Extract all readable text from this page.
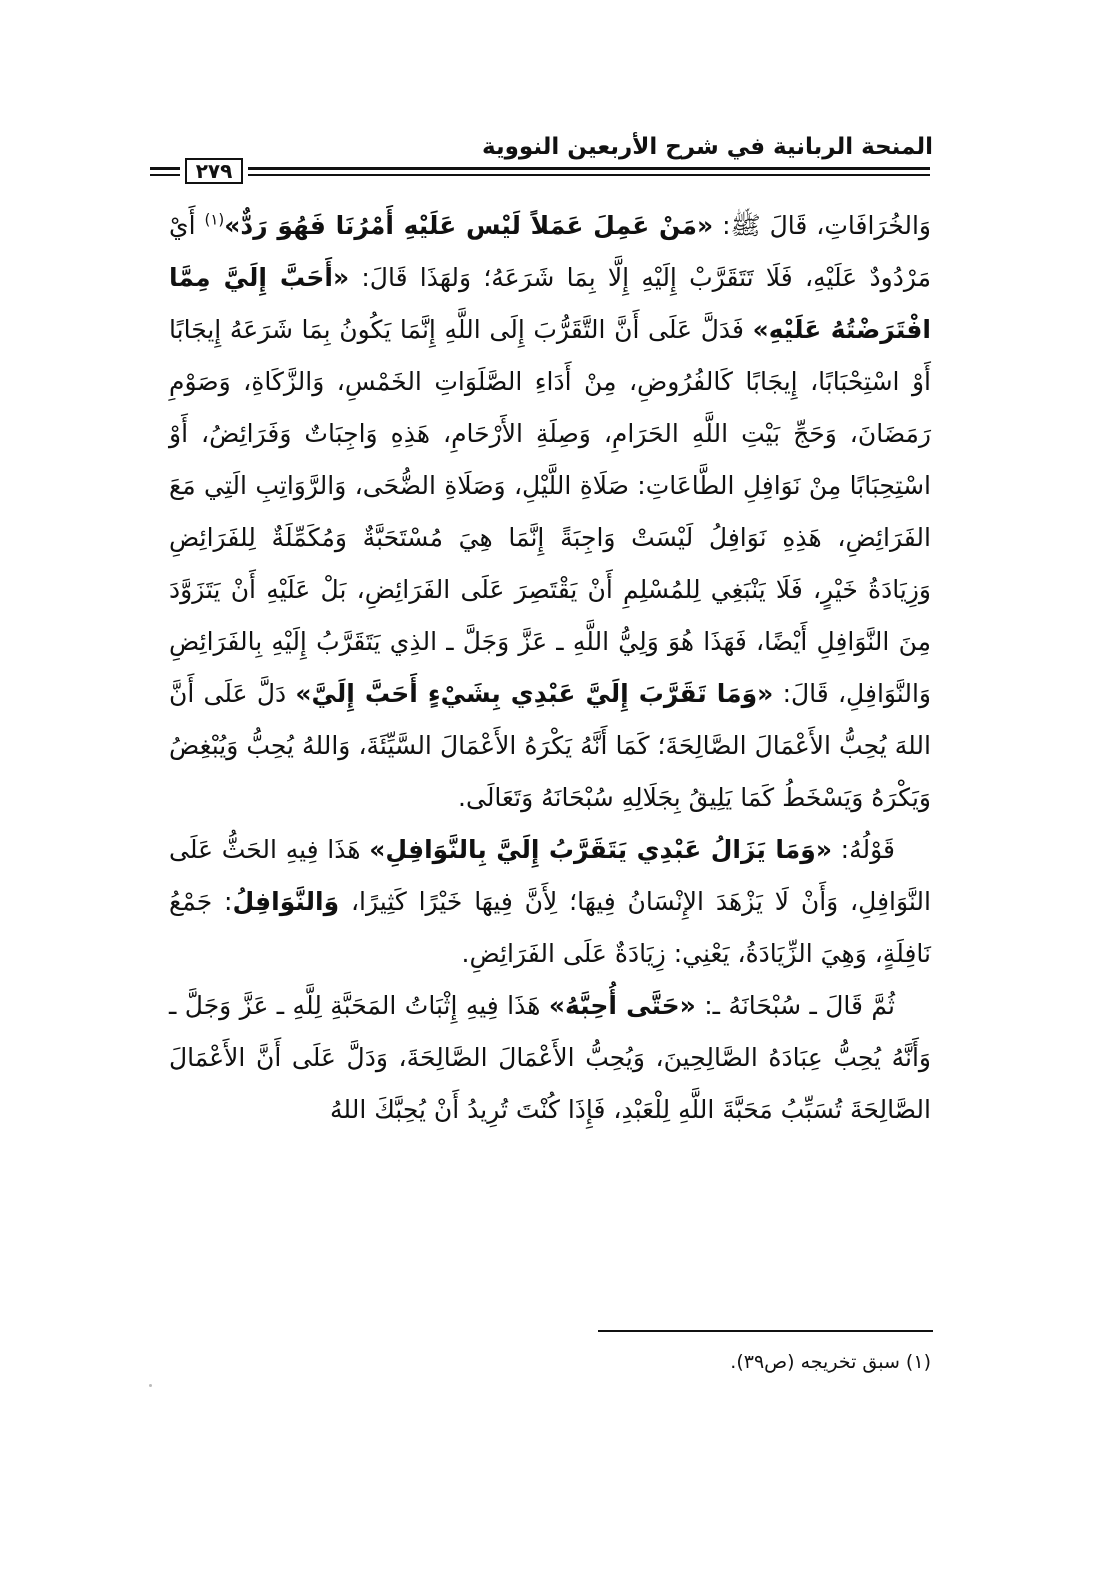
المنحة الربانية في شرح الأربعين النووية
٢٧٩

وَالخُرَافَاتِ، قَالَ ﷺ: «مَنْ عَمِلَ عَمَلاً لَيْس عَلَيْهِ أَمْرُنَا فَهُوَ رَدٌّ»$^{(١)}$ أَيْ مَرْدُودٌ عَلَيْهِ، فَلَا تَتَقَرَّبْ إِلَيْهِ إِلَّا بِمَا شَرَعَهُ؛ وَلهَذَا قَالَ: «أَحَبَّ إِلَيَّ مِمَّا افْتَرَضْتُهُ عَلَيْهِ» فَدَلَّ عَلَى أَنَّ التَّقَرُّبَ إِلَى اللَّهِ إِنَّمَا يَكُونُ بِمَا شَرَعَهُ إِيجَابًا أَوْ اسْتِحْبَابًا، إِيجَابًا كَالفُرُوضِ، مِنْ أَدَاءِ الصَّلَوَاتِ الخَمْسِ، وَالزَّكَاةِ، وَصَوْمِ رَمَضَانَ، وَحَجِّ بَيْتِ اللَّهِ الحَرَامِ، وَصِلَةِ الأَرْحَامِ، هَذِهِ وَاجِبَاتٌ وَفَرَائِضُ، أَوْ اسْتِحِبَابًا مِنْ نَوَافِلِ الطَّاعَاتِ: صَلَاةِ اللَّيْلِ، وَصَلَاةِ الضُّحَى، وَالرَّوَاتِبِ الَتِي مَعَ الفَرَائِضِ، هَذِهِ نَوَافِلُ لَيْسَتْ وَاجِبَةً إِنَّمَا هِيَ مُسْتَحَبَّةٌ وَمُكَمِّلَةٌ لِلفَرَائِضِ وَزِيَادَةُ خَيْرٍ، فَلَا يَنْبَغِي لِلمُسْلِمِ أَنْ يَقْتَصِرَ عَلَى الفَرَائِضِ، بَلْ عَلَيْهِ أَنْ يَتَزَوَّدَ مِنَ النَّوَافِلِ أَيْضًا، فَهَذَا هُوَ وَلِيُّ اللَّهِ ـ عَزَّ وَجَلَّ ـ الذِي يَتَقَرَّبُ إِلَيْهِ بِالفَرَائِضِ وَالنَّوَافِلِ، قَالَ: «وَمَا تَقَرَّبَ إِلَيَّ عَبْدِي بِشَيْءٍ أَحَبَّ إِلَيَّ» دَلَّ عَلَى أَنَّ اللهَ يُحِبُّ الأَعْمَالَ الصَّالِحَةَ؛ كَمَا أَنَّهُ يَكْرَهُ الأَعْمَالَ السَّيِّئَةَ، وَاللهُ يُحِبُّ وَيُبْغِضُ وَيَكْرَهُ وَيَسْخَطُ كَمَا يَلِيقُ بِجَلَالِهِ سُبْحَانَهُ وَتَعَالَى.

قَوْلُهُ: «وَمَا يَزَالُ عَبْدِي يَتَقَرَّبُ إِلَيَّ بِالنَّوَافِلِ» هَذَا فِيهِ الحَثُّ عَلَى النَّوَافِلِ، وَأَنْ لَا يَزْهَدَ الإِنْسَانُ فِيهَا؛ لِأَنَّ فِيهَا خَيْرًا كَثِيرًا، وَالنَّوَافِلُ: جَمْعُ نَافِلَةٍ، وَهِيَ الزِّيَادَةُ، يَعْنِي: زِيَادَةٌ عَلَى الفَرَائِضِ.

ثُمَّ قَالَ ـ سُبْحَانَهُ ـ: «حَتَّى أُحِبَّهُ» هَذَا فِيهِ إِثْبَاتُ المَحَبَّةِ لِلَّهِ ـ عَزَّ وَجَلَّ ـ وَأَنَّهُ يُحِبُّ عِبَادَهُ الصَّالِحِينَ، وَيُحِبُّ الأَعْمَالَ الصَّالِحَةَ، وَدَلَّ عَلَى أَنَّ الأَعْمَالَ الصَّالِحَةَ تُسَبِّبُ مَحَبَّةَ اللَّهِ لِلْعَبْدِ، فَإِذَا كُنْتَ تُرِيدُ أَنْ يُحِبَّكَ اللهُ

(١) سبق تخريجه (ص٣٩).
